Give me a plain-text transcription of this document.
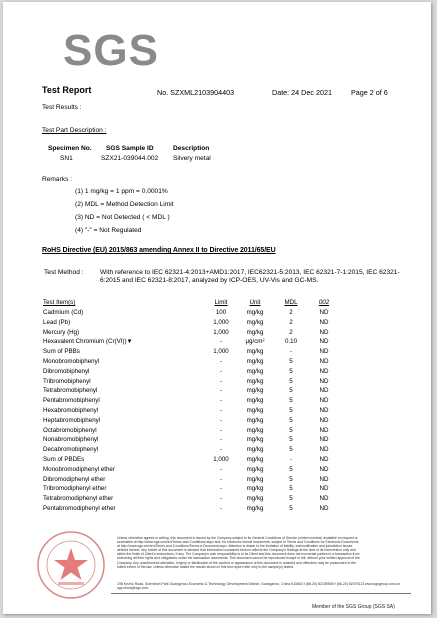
SGS
Test Report	No. SZXML2103904403	Date: 24 Dec 2021	Page 2 of 6
Test Results :
Test Part Description :
Specimen No. SGS Sample ID	Description
SN1	SZX21-039044.002 Silvery metal
Remarks :
(1) 1 mg/kg = 1 ppm = 0.0001%
(2) MDL = Method Detection Limit
(3) ND = Not Detected ( < MDL )
(4) "-" = Not Regulated
RoHS Directive (EU) 2015/863 amending Annex II to Directive 2011/65/EU
Test Method : With reference to IEC 62321-4:2013+AMD1:2017, IEC62321-5:2013, IEC 62321-7-1:2015, IEC 62321-6:2015 and IEC 62321-8:2017, analyzed by ICP-OES, UV-Vis and GC-MS.
Test Item(s)	Limit	Unit	MDL	002
Cadmium (Cd)	100	mg/kg	2	ND
Lead (Pb)	1,000	mg/kg	2	ND
Mercury (Hg)	1,000	mg/kg	2	ND
Hexavalent Chromium (Cr(VI))▼	-	μg/cm²	0.10	ND
Sum of PBBs	1,000	mg/kg	-	ND
Monobromobiphenyl	-	mg/kg	5	ND
Dibromobiphenyl	-	mg/kg	5	ND
Tribromobiphenyl	-	mg/kg	5	ND
Tetrabromobiphenyl	-	mg/kg	5	ND
Pentabromobiphenyl	-	mg/kg	5	ND
Hexabromobiphenyl	-	mg/kg	5	ND
Heptabromobiphenyl	-	mg/kg	5	ND
Octabromobiphenyl	-	mg/kg	5	ND
Nonabromobiphenyl	-	mg/kg	5	ND
Decabromobiphenyl	-	mg/kg	5	ND
Sum of PBDEs	1,000	mg/kg	-	ND
Monobromodiphenyl ether	-	mg/kg	5	ND
Dibromodiphenyl ether	-	mg/kg	5	ND
Tribromodiphenyl ether	-	mg/kg	5	ND
Tetrabromodiphenyl ether	-	mg/kg	5	ND
Pentabromodiphenyl ether	-	mg/kg	5	ND
Unless otherwise agreed in writing, this document is issued by the Company subject to its General Conditions of Service printed overleaf, available on request or accessible at http://www.sgs.com/en/Terms-and-Conditions.aspx and, for electronic format documents, subject to Terms and Conditions for Electronic Documents at http://www.sgs.com/en/Terms-and-Conditions/Terms-e-Document.aspx. Attention is drawn to the limitation of liability, indemnification and jurisdiction issues defined therein. Any holder of this document is advised that information contained hereon reflects the Company's findings at the time of its intervention only and within the limits of Client's instructions, if any. The Company's sole responsibility is to its Client and this document does not exonerate parties to a transaction from exercising all their rights and obligations under the transaction documents. This document cannot be reproduced except in full, without prior written approval of the Company. Any unauthorized alteration, forgery or falsification of the content or appearance of this document is unlawful and offenders may be prosecuted to the fullest extent of the law. Unless otherwise stated the results shown in this test report refer only to the sample(s) tested.
198 Kezhu Road, Scientech Park Guangzhou Economic & Technology Development District, Guangzhou, China 510663 t (86-20) 82155555 f (86-20) 82075113 www.sgsgroup.com.cn sgs.china@sgs.com
Member of the SGS Group (SGS SA)
